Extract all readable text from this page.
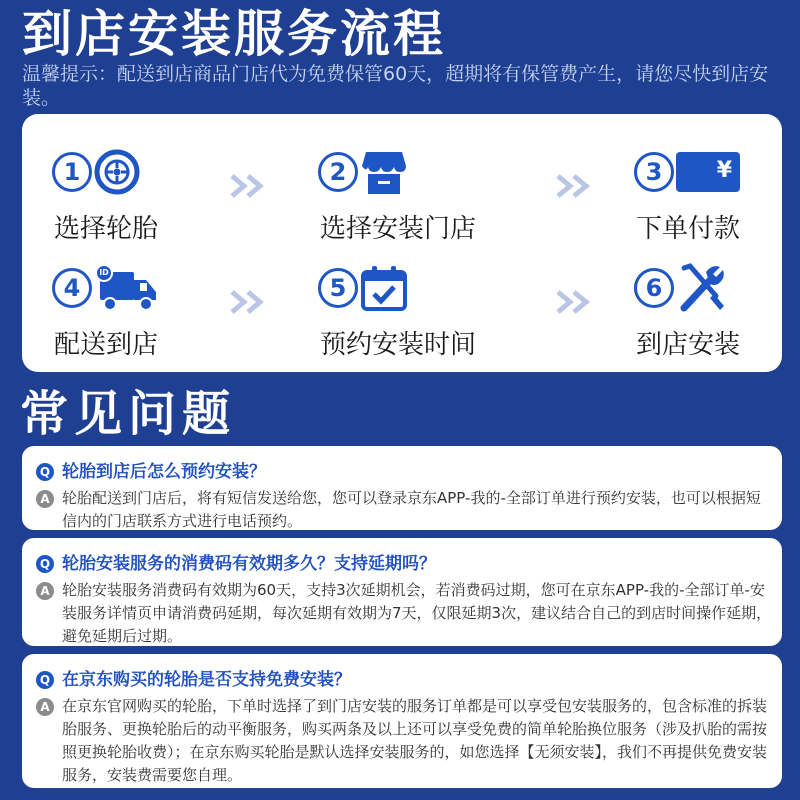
到店安装服务流程
温馨提示：配送到店商品门店代为免费保管60天，超期将有保管费产生，请您尽快到店安装。
1
选择轮胎
2
选择安装门店
3	¥
下单付款
4
ID
配送到店
5
预约安装时间
6
到店安装
常见问题
Q 轮胎到店后怎么预约安装？
A 轮胎配送到门店后，将有短信发送给您，您可以登录京东APP-我的-全部订单进行预约安装，也可以根据短信内的门店联系方式进行电话预约。
Q 轮胎安装服务的消费码有效期多久？支持延期吗？
A 轮胎安装服务消费码有效期为60天，支持3次延期机会，若消费码过期，您可在京东APP-我的-全部订单-安装服务详情页申请消费码延期，每次延期有效期为7天，仅限延期3次，建议结合自己的到店时间操作延期，避免延期后过期。
Q 在京东购买的轮胎是否支持免费安装？
A 在京东官网购买的轮胎，下单时选择了到门店安装的服务订单都是可以享受包安装服务的，包含标准的拆装胎服务、更换轮胎后的动平衡服务，购买两条及以上还可以享受免费的简单轮胎换位服务（涉及扒胎的需按照更换轮胎收费）；在京东购买轮胎是默认选择安装服务的，如您选择【无须安装】，我们不再提供免费安装服务，安装费需要您自理。
